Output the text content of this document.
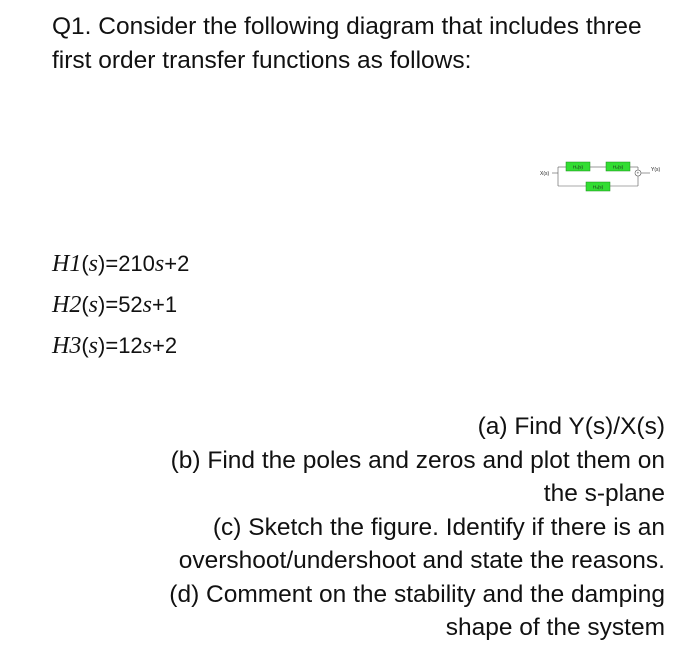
Q1. Consider the following diagram that includes three first order transfer functions as follows:

X(s)
H₁(s)	H₂(s)
+
H₃(s)
Y(s)
H1(s)=210s+2
H2(s)=52s+1
H3(s)=12s+2
(a) Find Y(s)/X(s)
(b) Find the poles and zeros and plot them on
the s-plane
(c) Sketch the figure. Identify if there is an
overshoot/undershoot and state the reasons.
(d) Comment on the stability and the damping
shape of the system
